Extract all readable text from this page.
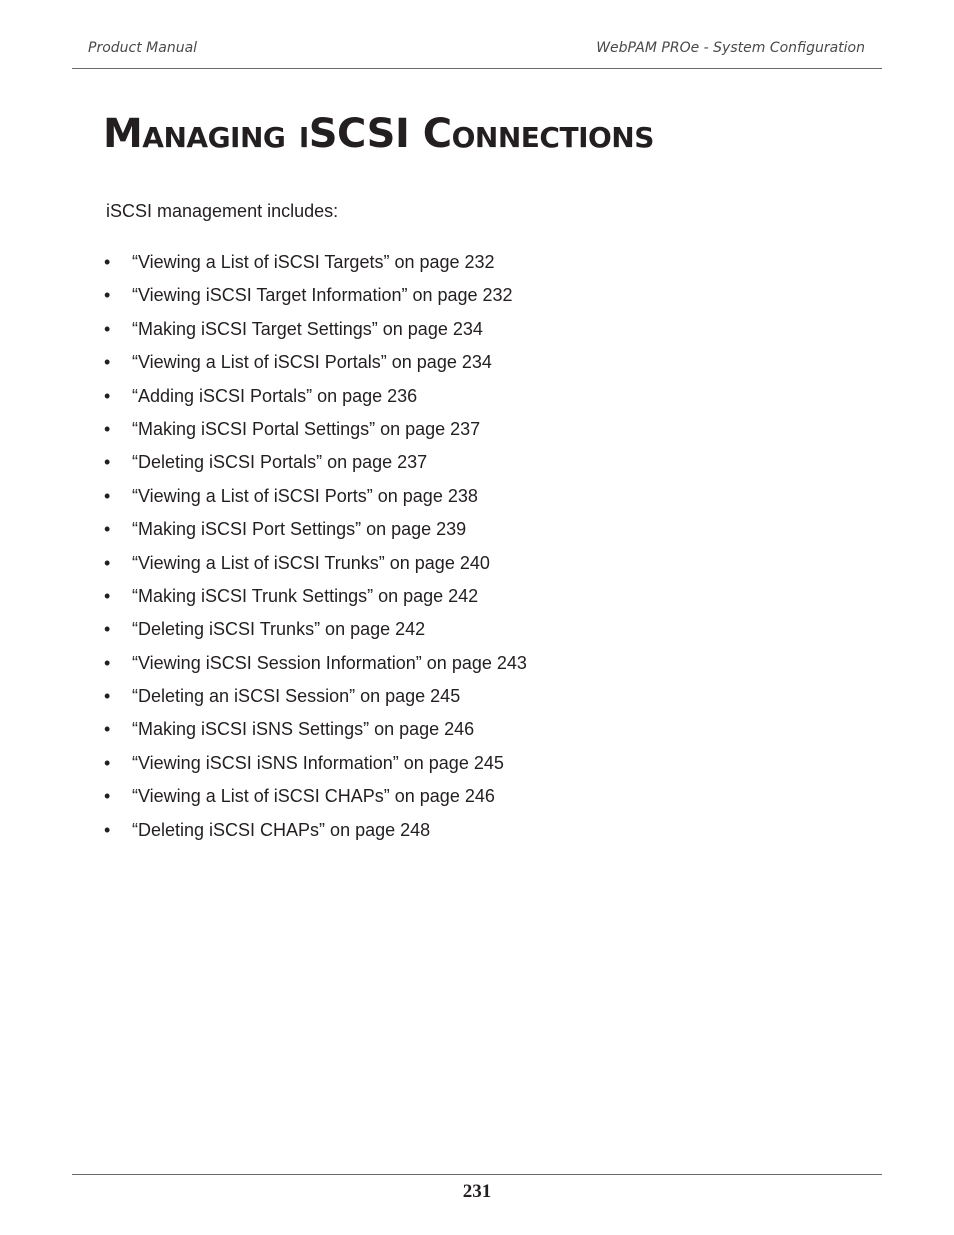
Product Manual	WebPAM PROe - System Configuration
Managing iSCSI Connections
iSCSI management includes:
•	“Viewing a List of iSCSI Targets” on page 232
•	“Viewing iSCSI Target Information” on page 232
•	“Making iSCSI Target Settings” on page 234
•	“Viewing a List of iSCSI Portals” on page 234
•	“Adding iSCSI Portals” on page 236
•	“Making iSCSI Portal Settings” on page 237
•	“Deleting iSCSI Portals” on page 237
•	“Viewing a List of iSCSI Ports” on page 238
•	“Making iSCSI Port Settings” on page 239
•	“Viewing a List of iSCSI Trunks” on page 240
•	“Making iSCSI Trunk Settings” on page 242
•	“Deleting iSCSI Trunks” on page 242
•	“Viewing iSCSI Session Information” on page 243
•	“Deleting an iSCSI Session” on page 245
•	“Making iSCSI iSNS Settings” on page 246
•	“Viewing iSCSI iSNS Information” on page 245
•	“Viewing a List of iSCSI CHAPs” on page 246
•	“Deleting iSCSI CHAPs” on page 248
231
